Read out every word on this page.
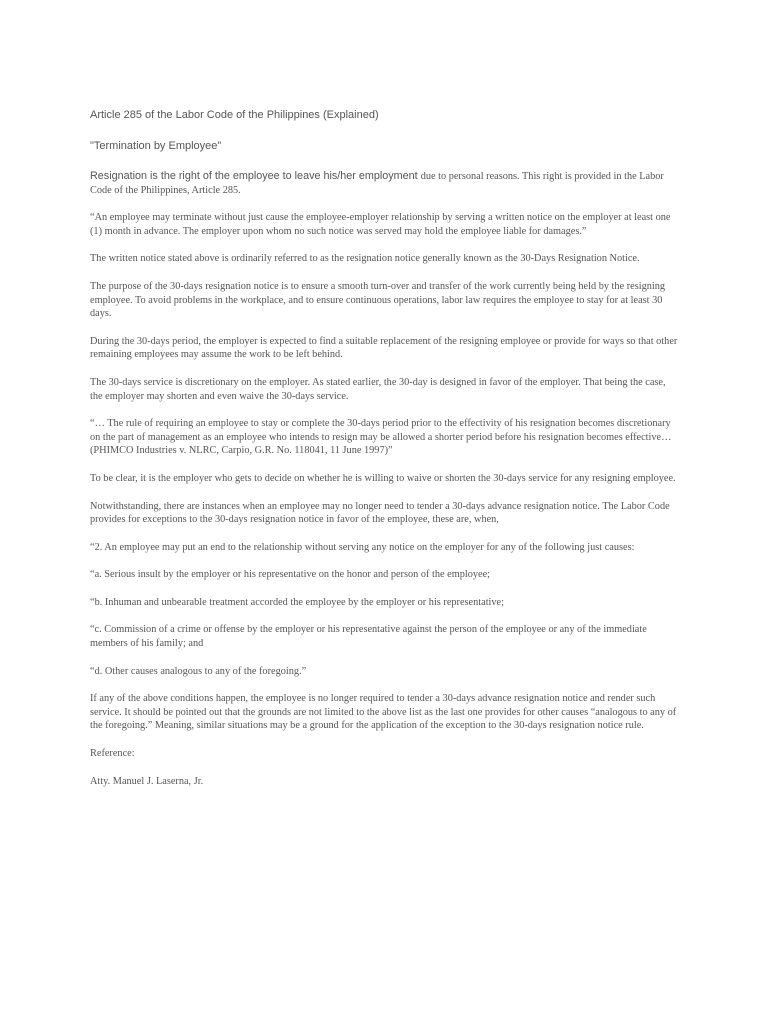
Article 285 of the Labor Code of the Philippines (Explained)

"Termination by Employee"

Resignation is the right of the employee to leave his/her employment due to personal reasons. This right is provided in the Labor Code of the Philippines, Article 285.

“An employee may terminate without just cause the employee-employer relationship by serving a written notice on the employer at least one (1) month in advance. The employer upon whom no such notice was served may hold the employee liable for damages.”

The written notice stated above is ordinarily referred to as the resignation notice generally known as the 30-Days Resignation Notice.

The purpose of the 30-days resignation notice is to ensure a smooth turn-over and transfer of the work currently being held by the resigning employee. To avoid problems in the workplace, and to ensure continuous operations, labor law requires the employee to stay for at least 30 days.

During the 30-days period, the employer is expected to find a suitable replacement of the resigning employee or provide for ways so that other remaining employees may assume the work to be left behind.

The 30-days service is discretionary on the employer. As stated earlier, the 30-day is designed in favor of the employer. That being the case, the employer may shorten and even waive the 30-days service.

“… The rule of requiring an employee to stay or complete the 30-days period prior to the effectivity of his resignation becomes discretionary on the part of management as an employee who intends to resign may be allowed a shorter period before his resignation becomes effective… (PHIMCO Industries v. NLRC, Carpio, G.R. No. 118041, 11 June 1997)”

To be clear, it is the employer who gets to decide on whether he is willing to waive or shorten the 30-days service for any resigning employee.

Notwithstanding, there are instances when an employee may no longer need to tender a 30-days advance resignation notice. The Labor Code provides for exceptions to the 30-days resignation notice in favor of the employee, these are, when,

“2. An employee may put an end to the relationship without serving any notice on the employer for any of the following just causes:

“a. Serious insult by the employer or his representative on the honor and person of the employee;

“b. Inhuman and unbearable treatment accorded the employee by the employer or his representative;

“c. Commission of a crime or offense by the employer or his representative against the person of the employee or any of the immediate members of his family; and

“d. Other causes analogous to any of the foregoing.”

If any of the above conditions happen, the employee is no longer required to tender a 30-days advance resignation notice and render such service. It should be pointed out that the grounds are not limited to the above list as the last one provides for other causes “analogous to any of the foregoing.” Meaning, similar situations may be a ground for the application of the exception to the 30-days resignation notice rule.

Reference:

Atty. Manuel J. Laserna, Jr.
